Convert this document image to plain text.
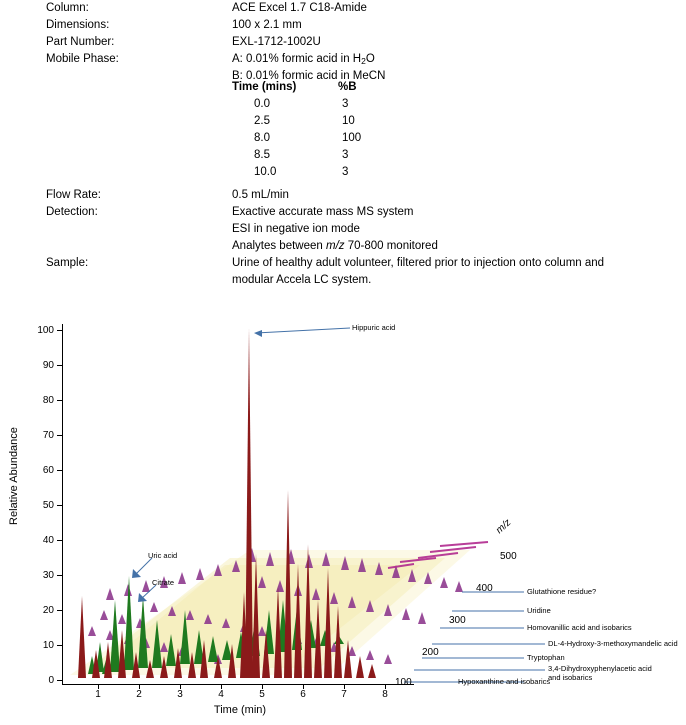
Column:	ACE Excel 1.7 C18-Amide
Dimensions:	100 x 2.1 mm
Part Number:	EXL-1712-1002U
Mobile Phase:	A: 0.01% formic acid in $H_2O$
B: 0.01% formic acid in MeCN
Time (mins)	%B
0.0	3
2.5	10
8.0	100
8.5	3
10.0	3
Flow Rate:	0.5 mL/min
Detection:	Exactive accurate mass MS system
ESI in negative ion mode
Analytes between m/z 70-800 monitored
Sample:	Urine of healthy adult volunteer, filtered prior to injection onto column and
modular Accela LC system.
0
10
20
30
40
50
60
70
80
90
100
1	2	3	4	5	6	7	8
Relative Abundance
Time (min)
100
200
300
400
500
m/z
Hippuric acid
Uric acid
Citrate
Glutathione residue?
Uridine
Homovanillic acid and isobarics
DL-4-Hydroxy-3-methoxymandelic acid
Tryptophan
3,4-Dihydroxyphenylacetic acid
and isobarics
Hypoxanthine and isobarics
